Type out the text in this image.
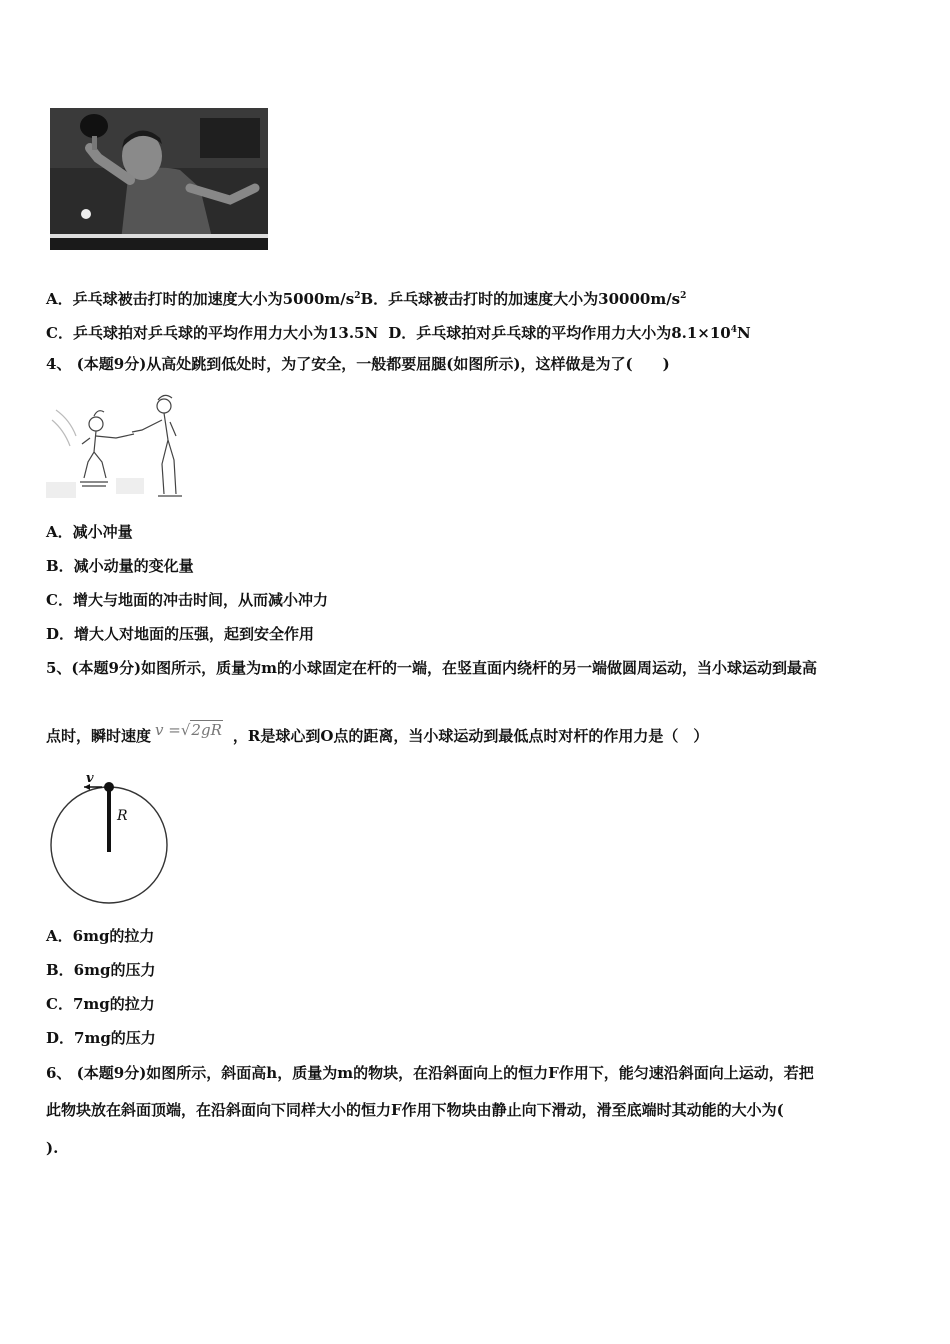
A．乒乓球被击打时的加速度大小为$5000m/s^2B$．乒乓球被击打时的加速度大小为$30000m/s^2$
C．乒乓球拍对乒乓球的平均作用力大小为13.5N D．乒乓球拍对乒乓球的平均作用力大小为$8.1\times 10^4N$
4、 (本题9分)从高处跳到低处时，为了安全，一般都要屈腿(如图所示)，这样做是为了(　　)
A．减小冲量
B．减小动量的变化量
C．增大与地面的冲击时间，从而减小冲力
D．增大人对地面的压强，起到安全作用
5、(本题9分)如图所示，质量为m的小球固定在杆的一端，在竖直面内绕杆的另一端做圆周运动，当小球运动到最高
点时，瞬时速度 v =√2gR ，R是球心到O点的距离，当小球运动到最低点时对杆的作用力是（　）
v
R
A．6mg的拉力
B．6mg的压力
C．7mg的拉力
D．7mg的压力
6、 (本题9分)如图所示，斜面高h，质量为m的物块，在沿斜面向上的恒力F作用下，能匀速沿斜面向上运动，若把
此物块放在斜面顶端，在沿斜面向下同样大小的恒力F作用下物块由静止向下滑动，滑至底端时其动能的大小为(
).
